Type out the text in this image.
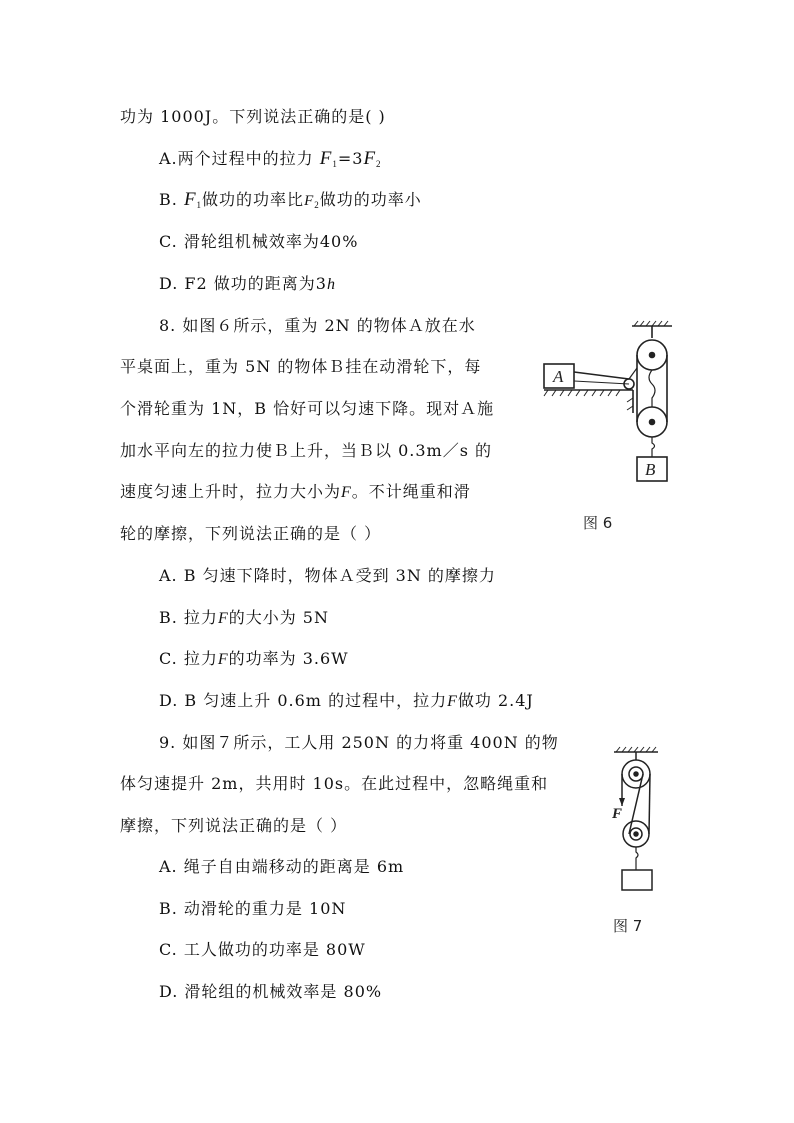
功为 1000J。下列说法正确的是( )
A.两个过程中的拉力 $F_1=3F_2$
B. $F_1$做功的功率比$F_2$做功的功率小
C. 滑轮组机械效率为40%
D. F2 做功的距离为3h
8. 如图６所示，重为 2N 的物体Ａ放在水
平桌面上，重为 5N 的物体Ｂ挂在动滑轮下，每
个滑轮重为 1N，B 恰好可以匀速下降。现对Ａ施
加水平向左的拉力使Ｂ上升，当Ｂ以 0.3m／s 的
速度匀速上升时，拉力大小为F。不计绳重和滑
轮的摩擦，下列说法正确的是（ ）
A. B 匀速下降时，物体Ａ受到 3N 的摩擦力
B. 拉力F的大小为 5N
C. 拉力F的功率为 3.6W
D. B 匀速上升 0.6m 的过程中，拉力F做功 2.4J
A
B
图 6
9. 如图７所示，工人用 250N 的力将重 400N 的物
体匀速提升 2m，共用时 10s。在此过程中，忽略绳重和
摩擦，下列说法正确的是（ ）
A. 绳子自由端移动的距离是 6m
B. 动滑轮的重力是 10N
C. 工人做功的功率是 80W
D. 滑轮组的机械效率是 80%
F
图 7
